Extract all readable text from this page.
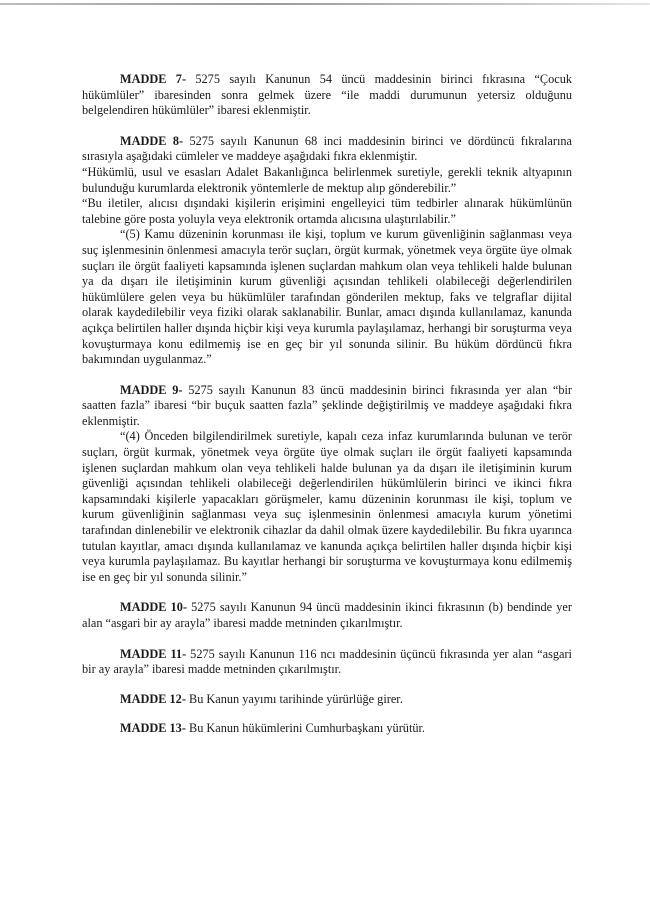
MADDE 7- 5275 sayılı Kanunun 54 üncü maddesinin birinci fıkrasına “Çocuk hükümlüler” ibaresinden sonra gelmek üzere “ile maddi durumunun yetersiz olduğunu belgelendiren hükümlüler” ibaresi eklenmiştir.

MADDE 8- 5275 sayılı Kanunun 68 inci maddesinin birinci ve dördüncü fıkralarına sırasıyla aşağıdaki cümleler ve maddeye aşağıdaki fıkra eklenmiştir.

“Hükümlü, usul ve esasları Adalet Bakanlığınca belirlenmek suretiyle, gerekli teknik altyapının bulunduğu kurumlarda elektronik yöntemlerle de mektup alıp gönderebilir.”

“Bu iletiler, alıcısı dışındaki kişilerin erişimini engelleyici tüm tedbirler alınarak hükümlünün talebine göre posta yoluyla veya elektronik ortamda alıcısına ulaştırılabilir.”

“(5) Kamu düzeninin korunması ile kişi, toplum ve kurum güvenliğinin sağlanması veya suç işlenmesinin önlenmesi amacıyla terör suçları, örgüt kurmak, yönetmek veya örgüte üye olmak suçları ile örgüt faaliyeti kapsamında işlenen suçlardan mahkum olan veya tehlikeli halde bulunan ya da dışarı ile iletişiminin kurum güvenliği açısından tehlikeli olabileceği değerlendirilen hükümlülere gelen veya bu hükümlüler tarafından gönderilen mektup, faks ve telgraflar dijital olarak kaydedilebilir veya fiziki olarak saklanabilir. Bunlar, amacı dışında kullanılamaz, kanunda açıkça belirtilen haller dışında hiçbir kişi veya kurumla paylaşılamaz, herhangi bir soruşturma veya kovuşturmaya konu edilmemiş ise en geç bir yıl sonunda silinir. Bu hüküm dördüncü fıkra bakımından uygulanmaz.”

MADDE 9- 5275 sayılı Kanunun 83 üncü maddesinin birinci fıkrasında yer alan “bir saatten fazla” ibaresi “bir buçuk saatten fazla” şeklinde değiştirilmiş ve maddeye aşağıdaki fıkra eklenmiştir.

“(4) Önceden bilgilendirilmek suretiyle, kapalı ceza infaz kurumlarında bulunan ve terör suçları, örgüt kurmak, yönetmek veya örgüte üye olmak suçları ile örgüt faaliyeti kapsamında işlenen suçlardan mahkum olan veya tehlikeli halde bulunan ya da dışarı ile iletişiminin kurum güvenliği açısından tehlikeli olabileceği değerlendirilen hükümlülerin birinci ve ikinci fıkra kapsamındaki kişilerle yapacakları görüşmeler, kamu düzeninin korunması ile kişi, toplum ve kurum güvenliğinin sağlanması veya suç işlenmesinin önlenmesi amacıyla kurum yönetimi tarafından dinlenebilir ve elektronik cihazlar da dahil olmak üzere kaydedilebilir. Bu fıkra uyarınca tutulan kayıtlar, amacı dışında kullanılamaz ve kanunda açıkça belirtilen haller dışında hiçbir kişi veya kurumla paylaşılamaz. Bu kayıtlar herhangi bir soruşturma ve kovuşturmaya konu edilmemiş ise en geç bir yıl sonunda silinir.”

MADDE 10- 5275 sayılı Kanunun 94 üncü maddesinin ikinci fıkrasının (b) bendinde yer alan “asgari bir ay arayla” ibaresi madde metninden çıkarılmıştır.

MADDE 11- 5275 sayılı Kanunun 116 ncı maddesinin üçüncü fıkrasında yer alan “asgari bir ay arayla” ibaresi madde metninden çıkarılmıştır.

MADDE 12- Bu Kanun yayımı tarihinde yürürlüğe girer.

MADDE 13- Bu Kanun hükümlerini Cumhurbaşkanı yürütür.
